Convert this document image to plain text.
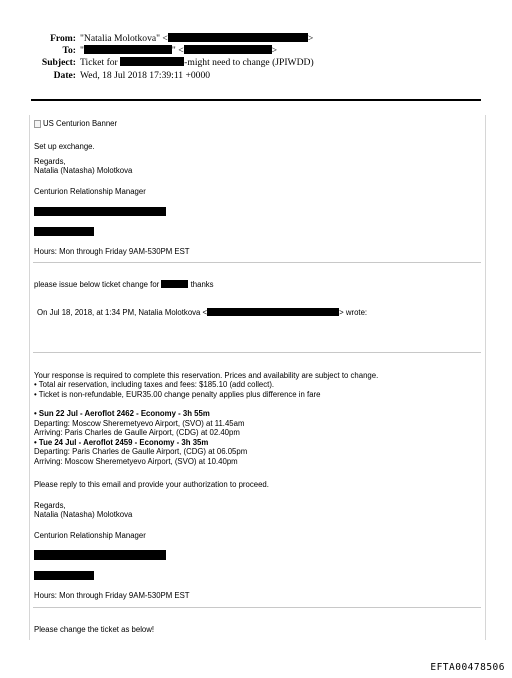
From: "Natalia Molotkova" <	>
To: "	" <	>
Subject: Ticket for	-might need to change (JPIWDD)
Date: Wed, 18 Jul 2018 17:39:11 +0000
US Centurion Banner
Set up exchange.
Regards,
Natalia (Natasha) Molotkova
Centurion Relationship Manager
Hours: Mon through Friday 9AM-530PM EST
please issue below ticket change for	thanks
On Jul 18, 2018, at 1:34 PM, Natalia Molotkova <	> wrote:
Your response is required to complete this reservation. Prices and availability are subject to change.
• Total air reservation, including taxes and fees: $185.10 (add collect).
• Ticket is non-refundable, EUR35.00 change penalty applies plus difference in fare
• Sun 22 Jul - Aeroflot 2462 - Economy - 3h 55m
Departing: Moscow Sheremetyevo Airport, (SVO) at 11.45am
Arriving: Paris Charles de Gaulle Airport, (CDG) at 02.40pm
• Tue 24 Jul - Aeroflot 2459 - Economy - 3h 35m
Departing: Paris Charles de Gaulle Airport, (CDG) at 06.05pm
Arriving: Moscow Sheremetyevo Airport, (SVO) at 10.40pm
Please reply to this email and provide your authorization to proceed.
Regards,
Natalia (Natasha) Molotkova
Centurion Relationship Manager
Hours: Mon through Friday 9AM-530PM EST
Please change the ticket as below!
EFTA00478506
